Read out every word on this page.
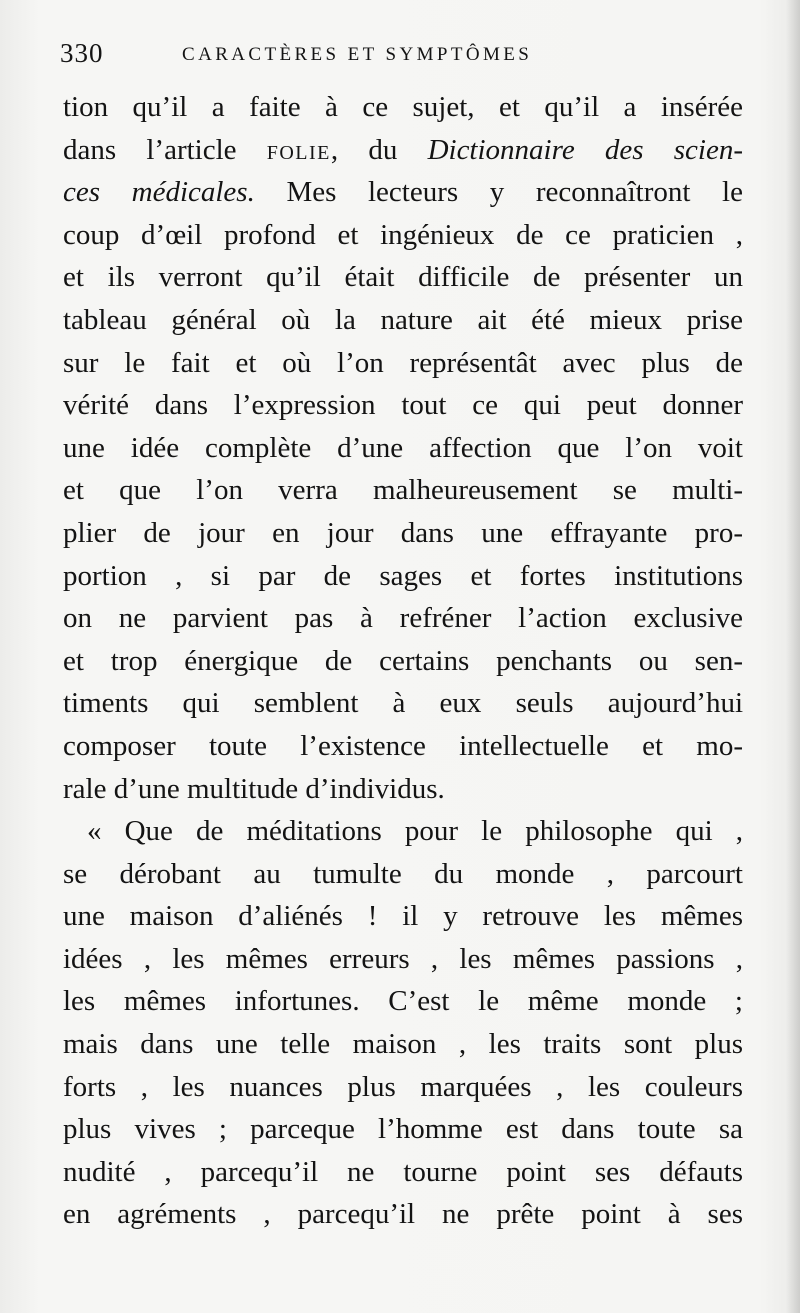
330	CARACTÈRES ET SYMPTÔMES
tion qu’il a faite à ce sujet, et qu’il a insérée
dans l’article FOLIE, du Dictionnaire des scien-
ces médicales. Mes lecteurs y reconnaîtront le
coup d’œil profond et ingénieux de ce praticien ,
et ils verront qu’il était difficile de présenter un
tableau général où la nature ait été mieux prise
sur le fait et où l’on représentât avec plus de
vérité dans l’expression tout ce qui peut donner
une idée complète d’une affection que l’on voit
et que l’on verra malheureusement se multi-
plier de jour en jour dans une effrayante pro-
portion , si par de sages et fortes institutions
on ne parvient pas à refréner l’action exclusive
et trop énergique de certains penchants ou sen-
timents qui semblent à eux seuls aujourd’hui
composer toute l’existence intellectuelle et mo-
rale d’une multitude d’individus.
« Que de méditations pour le philosophe qui ,
se dérobant au tumulte du monde , parcourt
une maison d’aliénés ! il y retrouve les mêmes
idées , les mêmes erreurs , les mêmes passions ,
les mêmes infortunes. C’est le même monde ;
mais dans une telle maison , les traits sont plus
forts , les nuances plus marquées , les couleurs
plus vives ; parceque l’homme est dans toute sa
nudité , parcequ’il ne tourne point ses défauts
en agréments , parcequ’il ne prête point à ses
